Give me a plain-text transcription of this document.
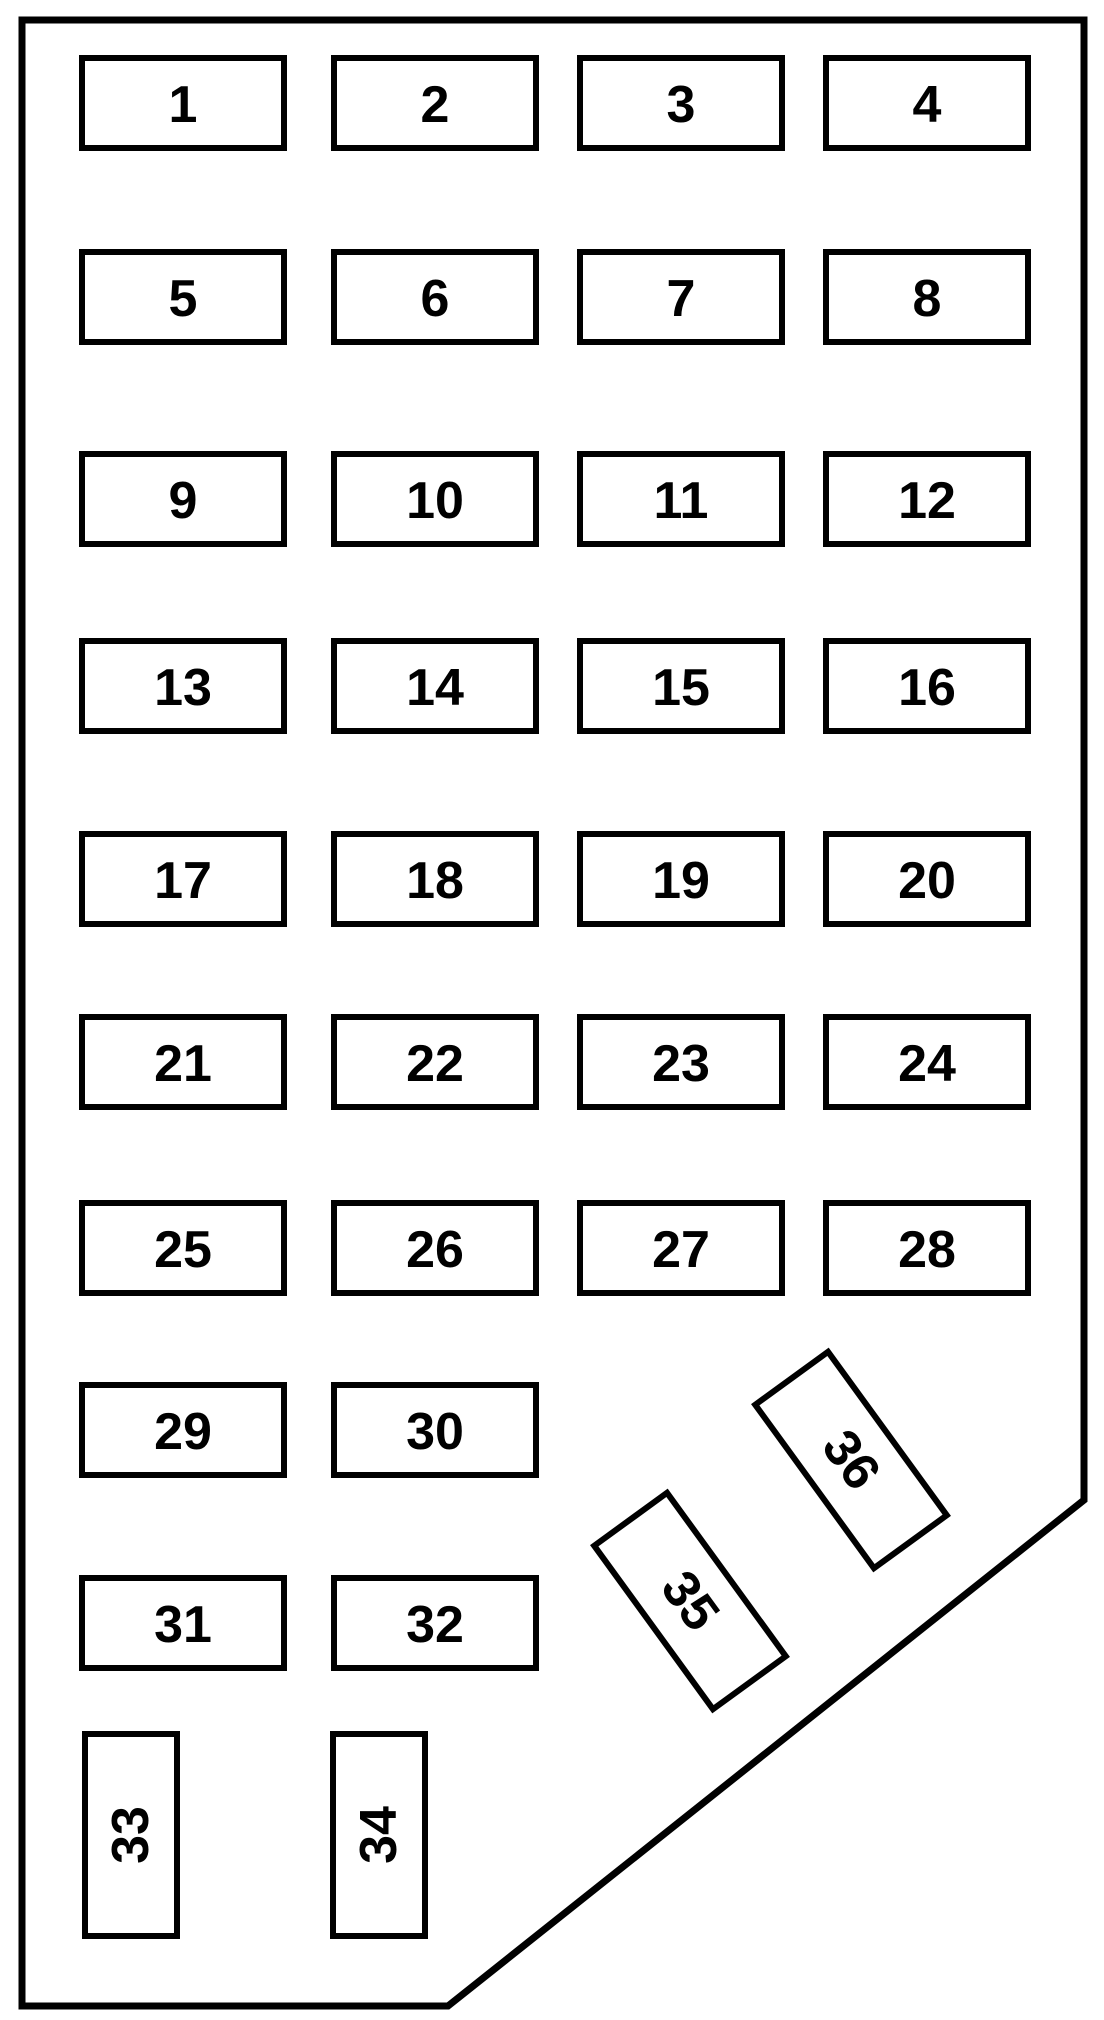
1	2	3	4
5	6	7	8
9	10	11	12
13	14	15	16
17	18	19	20
21	22	23	24
25	26	27	28
29	30
31	32
33	34
35
36
